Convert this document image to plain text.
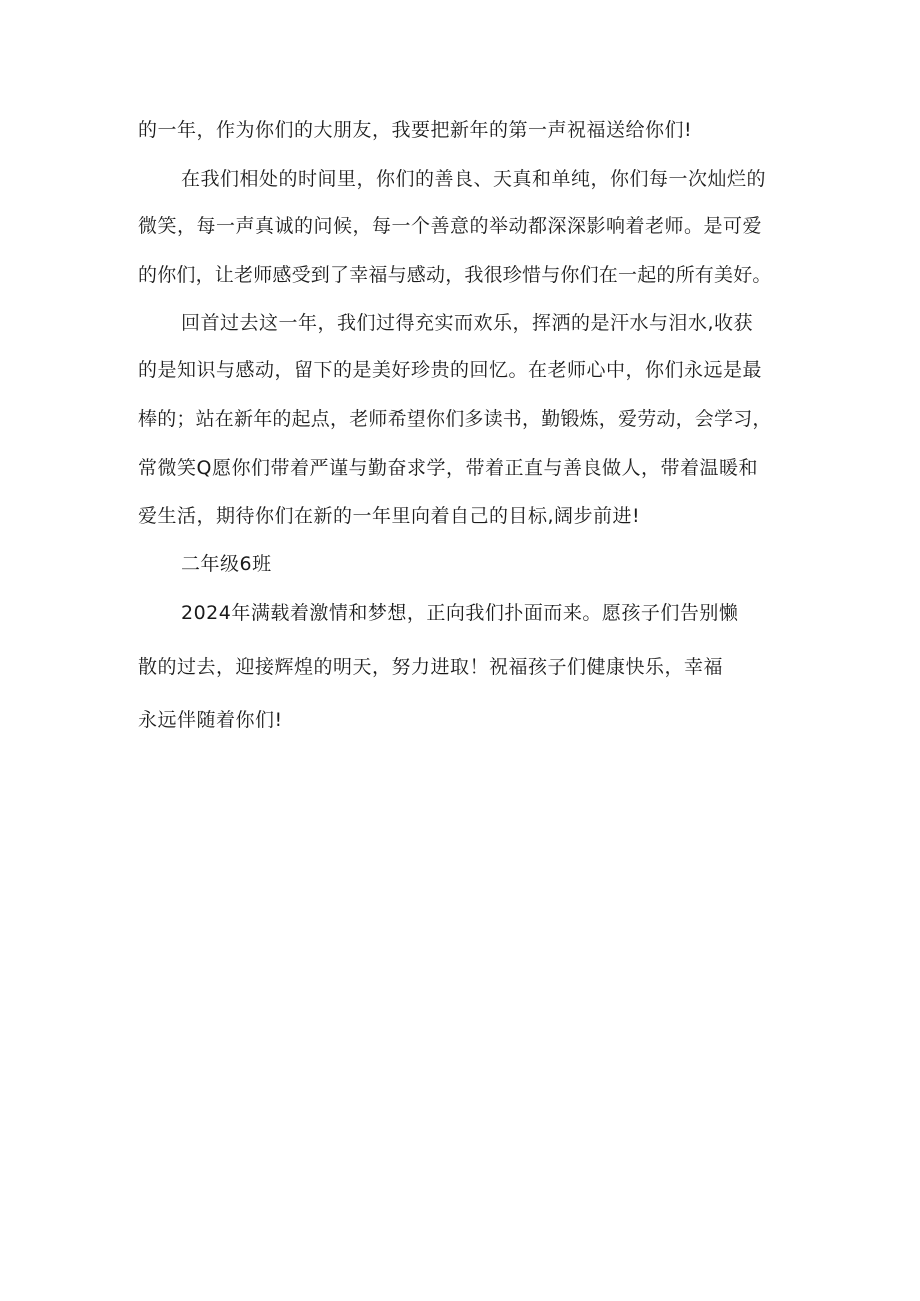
的一年，作为你们的大朋友，我要把新年的第一声祝福送给你们!
在我们相处的时间里，你们的善良、天真和单纯，你们每一次灿烂的
微笑，每一声真诚的问候，每一个善意的举动都深深影响着老师。是可爱
的你们，让老师感受到了幸福与感动，我很珍惜与你们在一起的所有美好。
回首过去这一年，我们过得充实而欢乐，挥洒的是汗水与泪水,收获
的是知识与感动，留下的是美好珍贵的回忆。在老师心中，你们永远是最
棒的；站在新年的起点，老师希望你们多读书，勤锻炼，爱劳动，会学习，
常微笑Q愿你们带着严谨与勤奋求学，带着正直与善良做人，带着温暖和
爱生活，期待你们在新的一年里向着自己的目标,阔步前进!
二年级6班
2024年满载着激情和梦想，正向我们扑面而来。愿孩子们告别懒
散的过去，迎接辉煌的明天，努力进取！祝福孩子们健康快乐，幸福
永远伴随着你们!
